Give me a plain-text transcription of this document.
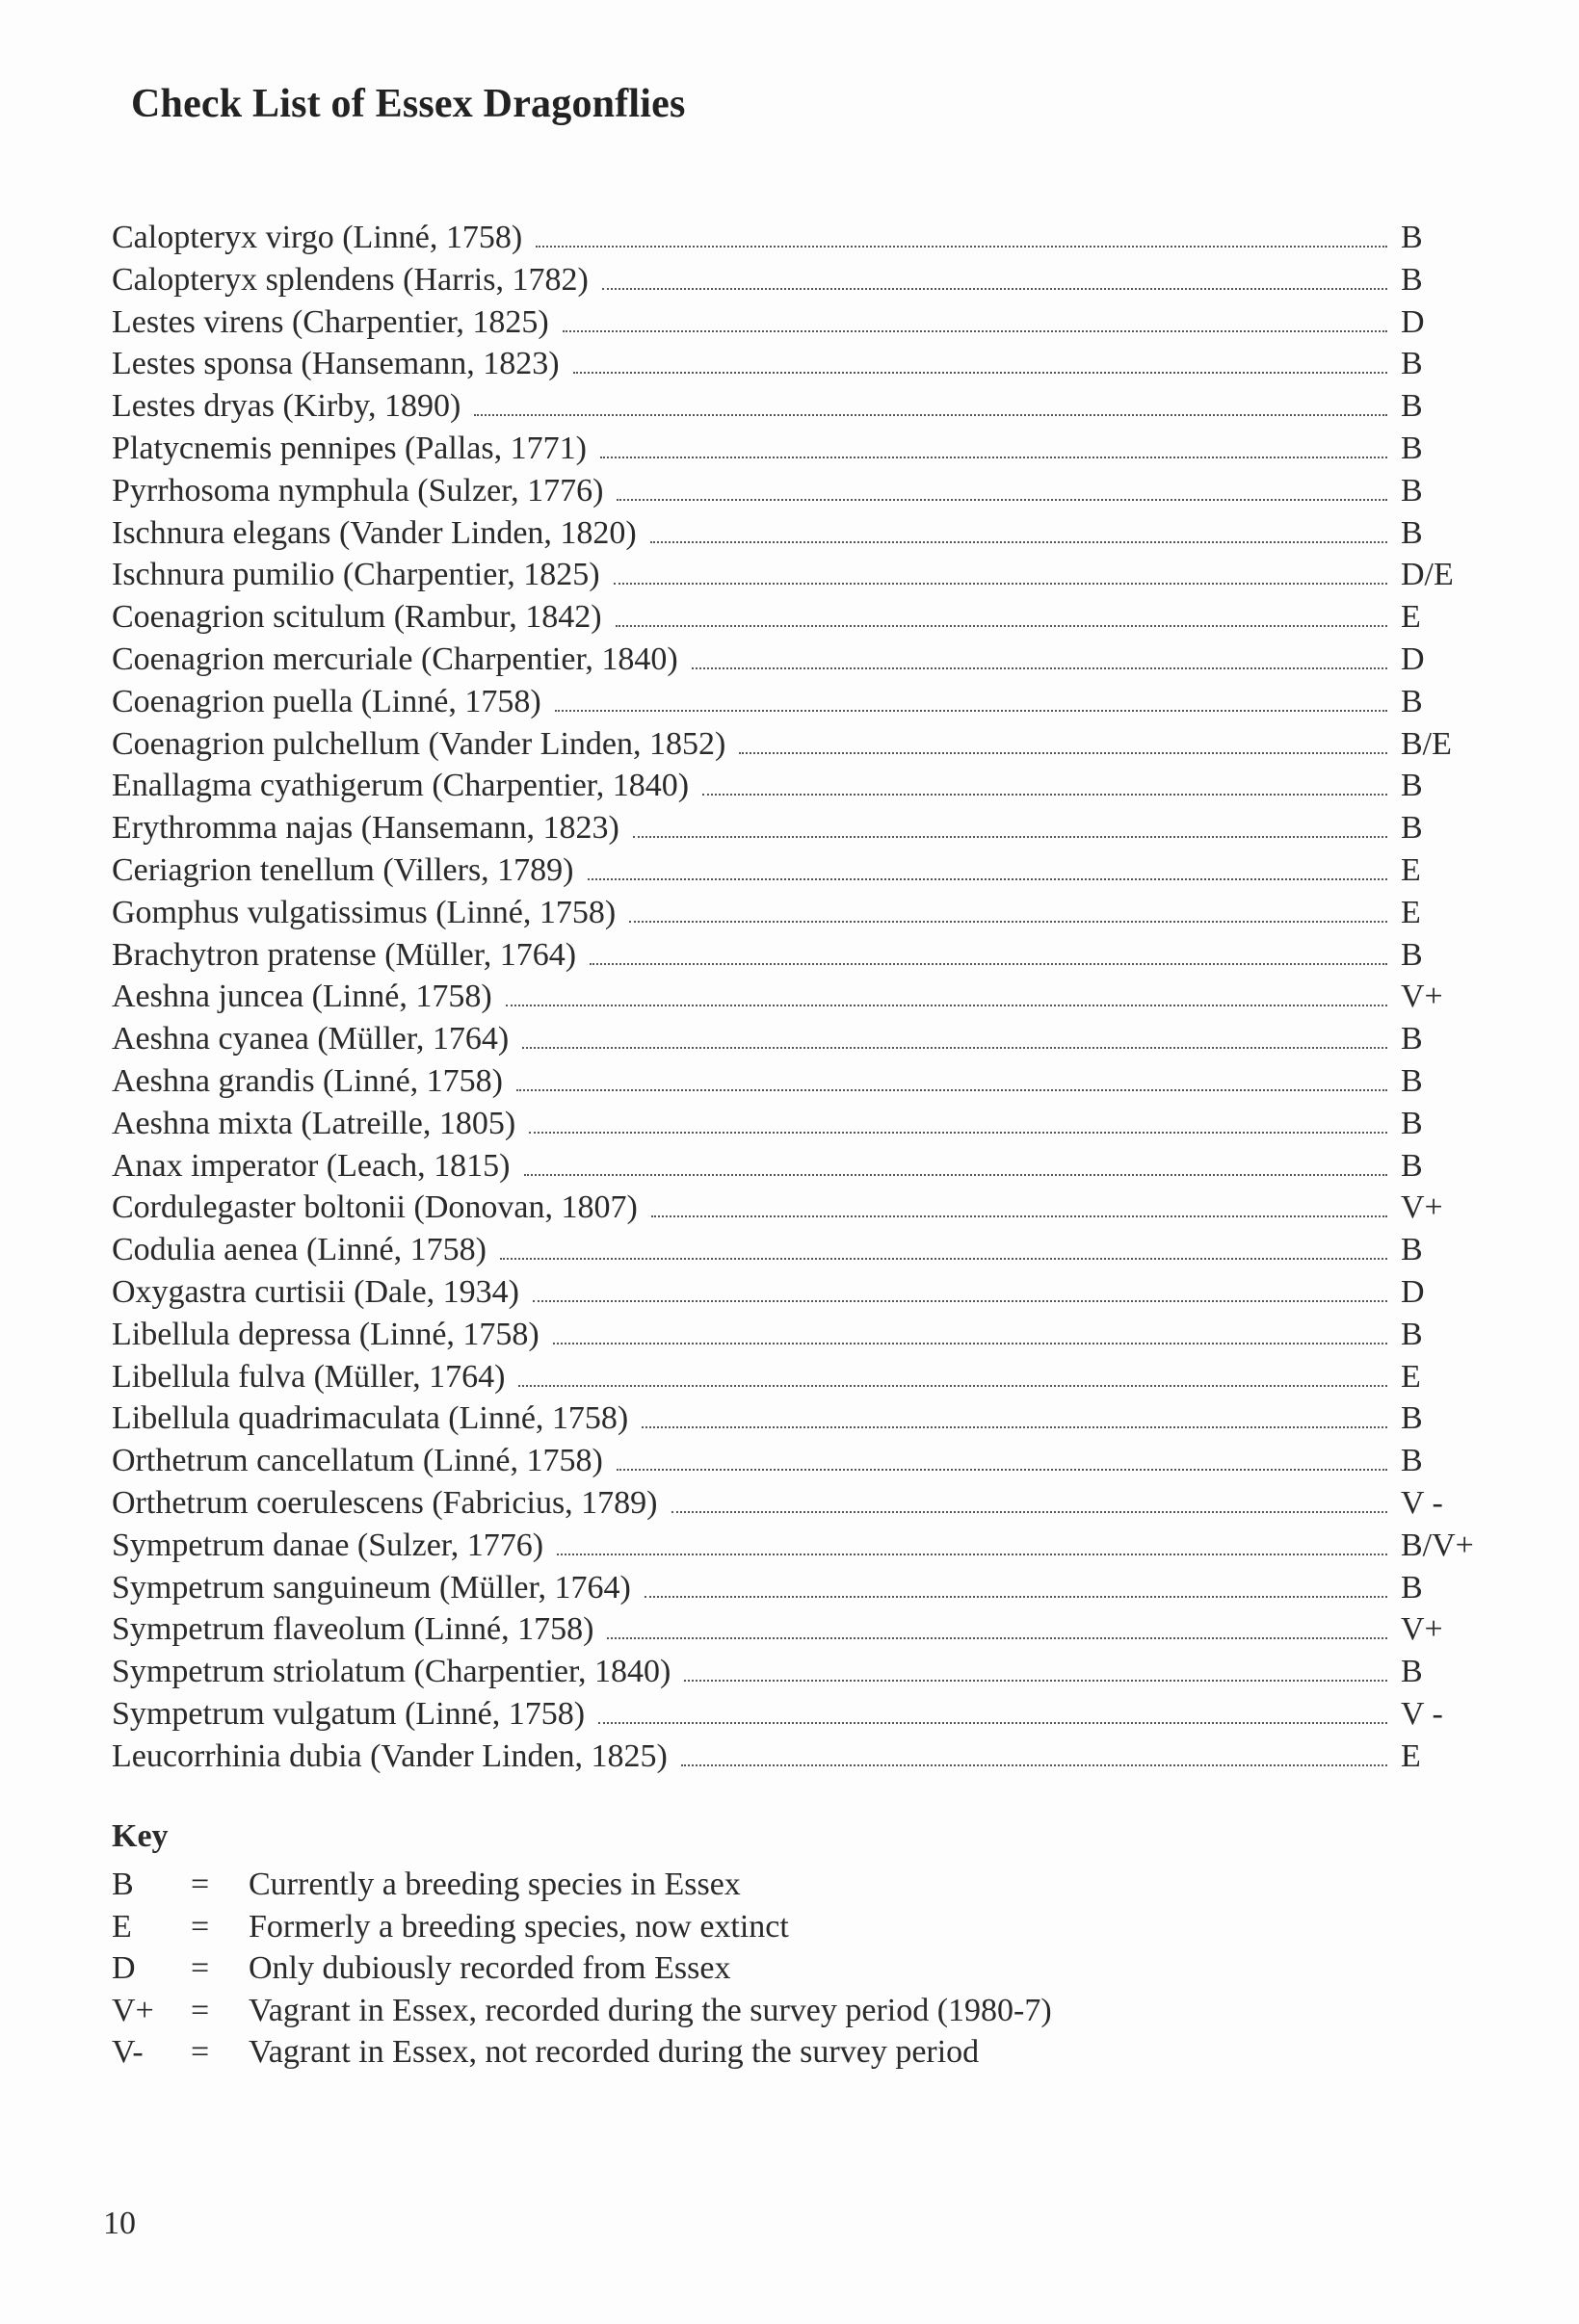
Check List of Essex Dragonflies
Calopteryx virgo (Linné, 1758)	B
Calopteryx splendens (Harris, 1782)	B
Lestes virens (Charpentier, 1825)	D
Lestes sponsa (Hansemann, 1823)	B
Lestes dryas (Kirby, 1890)	B
Platycnemis pennipes (Pallas, 1771)	B
Pyrrhosoma nymphula (Sulzer, 1776)	B
Ischnura elegans (Vander Linden, 1820)	B
Ischnura pumilio (Charpentier, 1825)	D/E
Coenagrion scitulum (Rambur, 1842)	E
Coenagrion mercuriale (Charpentier, 1840)	D
Coenagrion puella (Linné, 1758)	B
Coenagrion pulchellum (Vander Linden, 1852)	B/E
Enallagma cyathigerum (Charpentier, 1840)	B
Erythromma najas (Hansemann, 1823)	B
Ceriagrion tenellum (Villers, 1789)	E
Gomphus vulgatissimus (Linné, 1758)	E
Brachytron pratense (Müller, 1764)	B
Aeshna juncea (Linné, 1758)	V+
Aeshna cyanea (Müller, 1764)	B
Aeshna grandis (Linné, 1758)	B
Aeshna mixta (Latreille, 1805)	B
Anax imperator (Leach, 1815)	B
Cordulegaster boltonii (Donovan, 1807)	V+
Codulia aenea (Linné, 1758)	B
Oxygastra curtisii (Dale, 1934)	D
Libellula depressa (Linné, 1758)	B
Libellula fulva (Müller, 1764)	E
Libellula quadrimaculata (Linné, 1758)	B
Orthetrum cancellatum (Linné, 1758)	B
Orthetrum coerulescens (Fabricius, 1789)	V -
Sympetrum danae (Sulzer, 1776)	B/V+
Sympetrum sanguineum (Müller, 1764)	B
Sympetrum flaveolum (Linné, 1758)	V+
Sympetrum striolatum (Charpentier, 1840)	B
Sympetrum vulgatum (Linné, 1758)	V -
Leucorrhinia dubia (Vander Linden, 1825)	E
Key
B	=	Currently a breeding species in Essex
E	=	Formerly a breeding species, now extinct
D	=	Only dubiously recorded from Essex
V+	=	Vagrant in Essex, recorded during the survey period (1980-7)
V-	=	Vagrant in Essex, not recorded during the survey period
10
